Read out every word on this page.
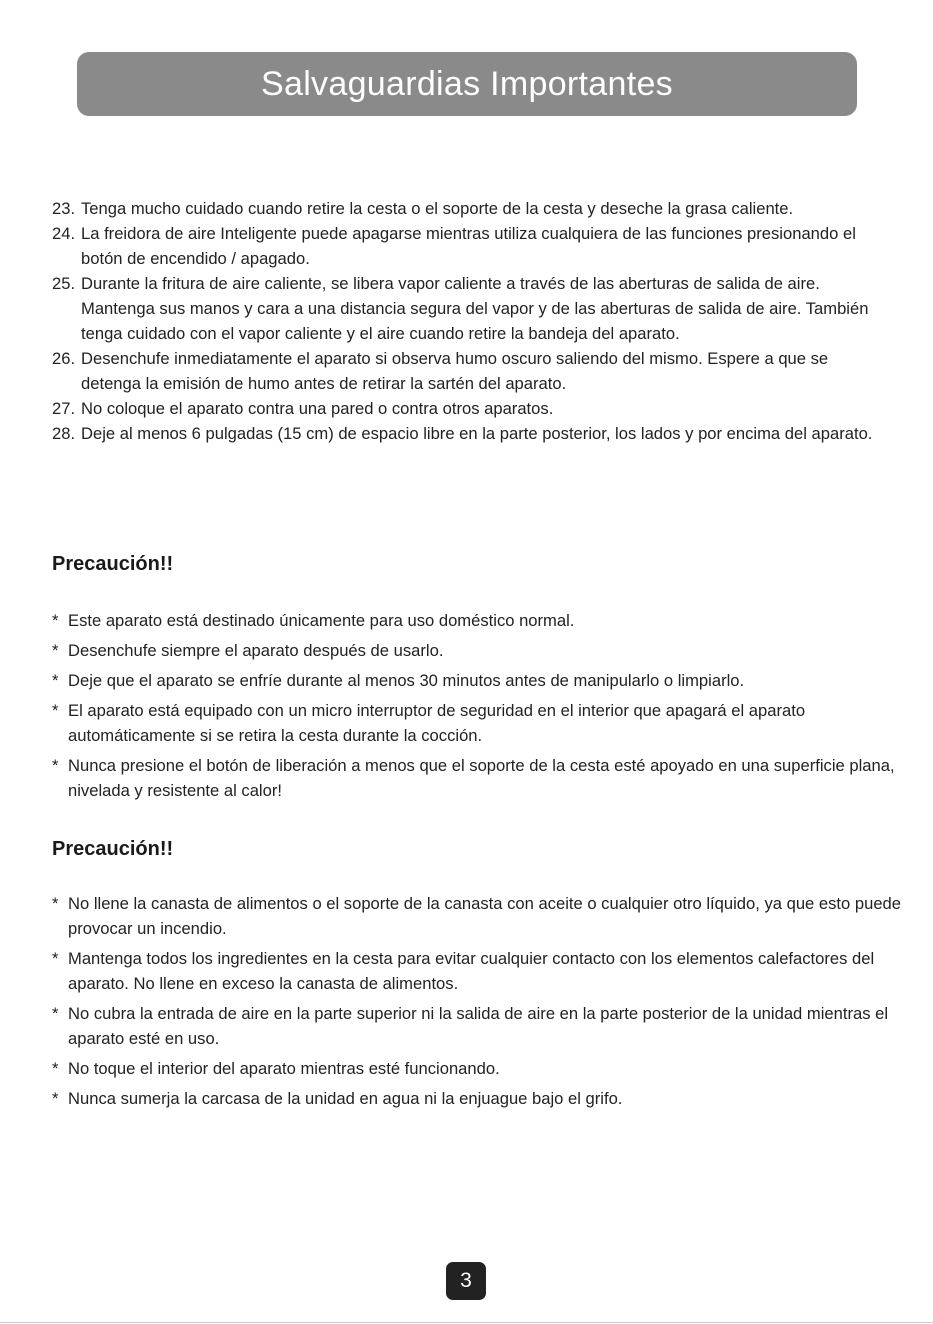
Salvaguardias Importantes
23. Tenga mucho cuidado cuando retire la cesta o el soporte de la cesta y deseche la grasa caliente.
24. La freidora de aire Inteligente puede apagarse mientras utiliza cualquiera de las funciones presionando el botón de encendido / apagado.
25. Durante la fritura de aire caliente, se libera vapor caliente a través de las aberturas de salida de aire. Mantenga sus manos y cara a una distancia segura del vapor y de las aberturas de salida de aire. También tenga cuidado con el vapor caliente y el aire cuando retire la bandeja del aparato.
26. Desenchufe inmediatamente el aparato si observa humo oscuro saliendo del mismo. Espere a que se detenga la emisión de humo antes de retirar la sartén del aparato.
27. No coloque el aparato contra una pared o contra otros aparatos.
28. Deje al menos 6 pulgadas (15 cm) de espacio libre en la parte posterior, los lados y por encima del aparato.
Precaución!!
* Este aparato está destinado únicamente para uso doméstico normal.
* Desenchufe siempre el aparato después de usarlo.
* Deje que el aparato se enfríe durante al menos 30 minutos antes de manipularlo o limpiarlo.
* El aparato está equipado con un micro interruptor de seguridad en el interior que apagará el aparato automáticamente si se retira la cesta durante la cocción.
* Nunca presione el botón de liberación a menos que el soporte de la cesta esté apoyado en una superficie plana, nivelada y resistente al calor!
Precaución!!
* No llene la canasta de alimentos o el soporte de la canasta con aceite o cualquier otro líquido, ya que esto puede provocar un incendio.
* Mantenga todos los ingredientes en la cesta para evitar cualquier contacto con los elementos calefactores del aparato. No llene en exceso la canasta de alimentos.
* No cubra la entrada de aire en la parte superior ni la salida de aire en la parte posterior de la unidad mientras el aparato esté en uso.
* No toque el interior del aparato mientras esté funcionando.
* Nunca sumerja la carcasa de la unidad en agua ni la enjuague bajo el grifo.
3
